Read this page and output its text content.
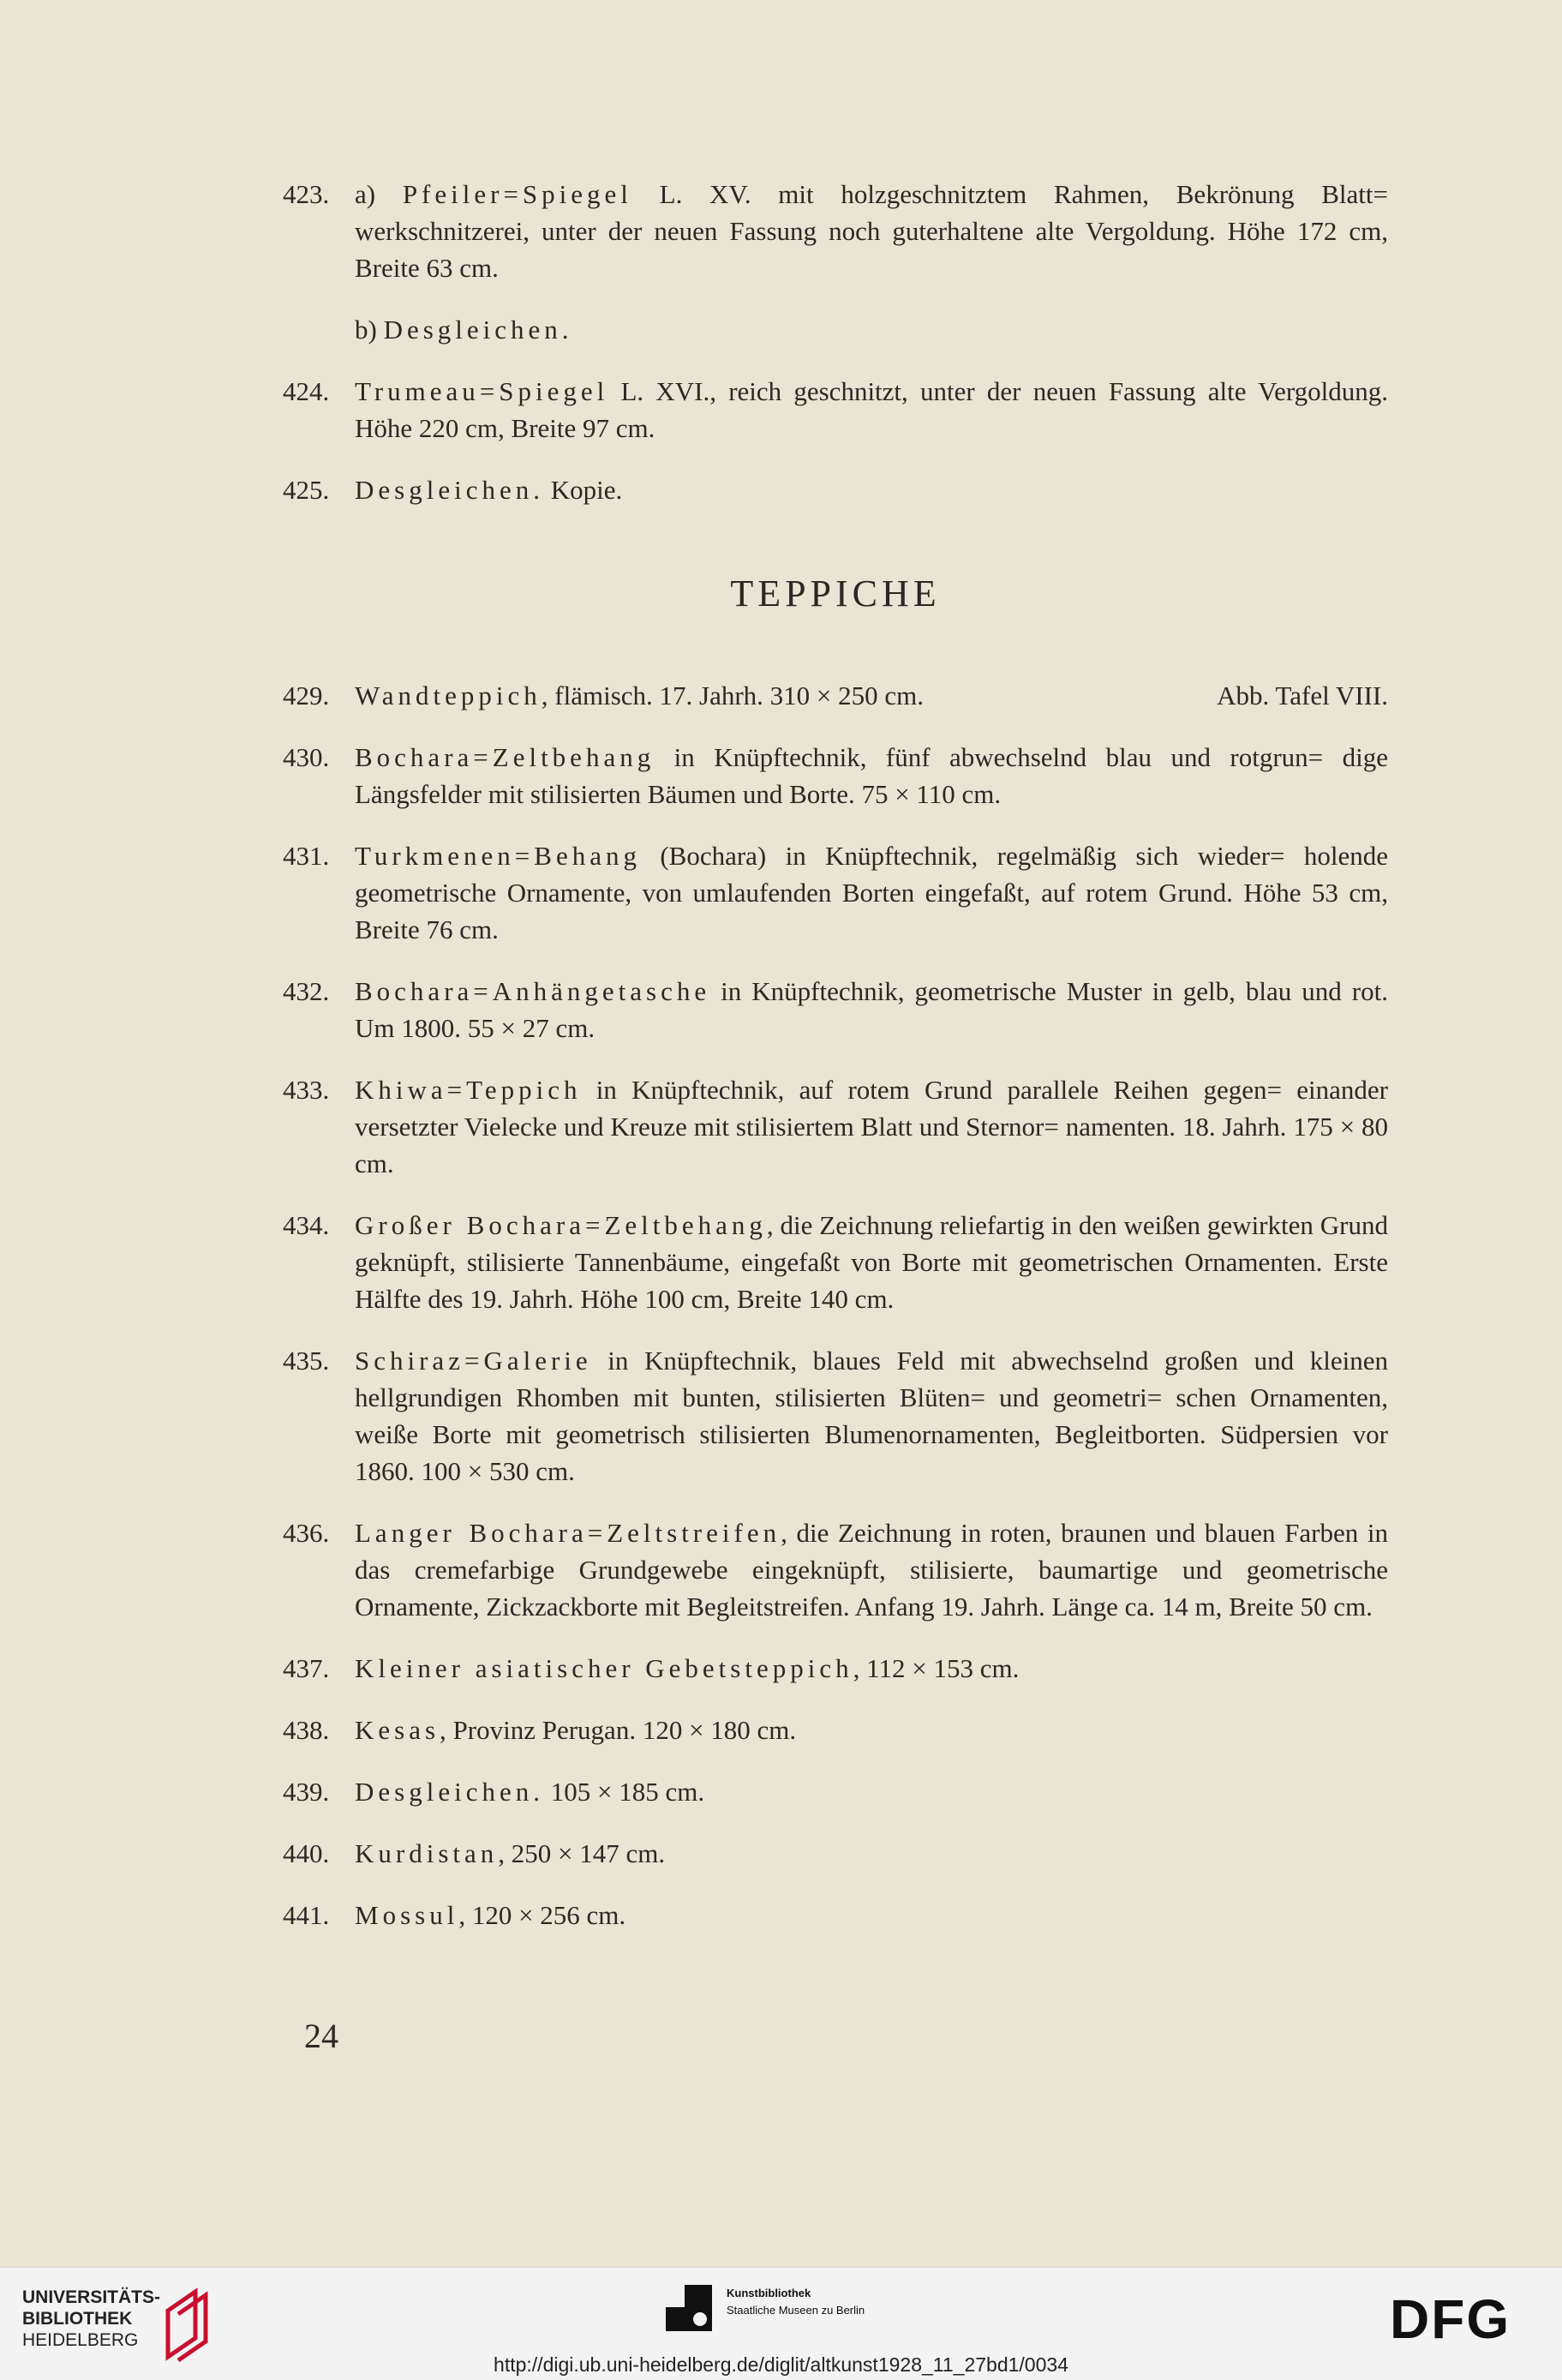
423. a) Pfeiler=Spiegel L. XV. mit holzgeschnitztem Rahmen, Bekrönung Blatt= werkschnitzerei, unter der neuen Fassung noch guterhaltene alte Vergoldung. Höhe 172 cm, Breite 63 cm.
b) Desgleichen.
424. Trumeau=Spiegel L. XVI., reich geschnitzt, unter der neuen Fassung alte Vergoldung. Höhe 220 cm, Breite 97 cm.
425. Desgleichen. Kopie.
TEPPICHE
429.	Abb. Tafel VIII.
Wandteppich, flämisch. 17. Jahrh. 310 × 250 cm.
430. Bochara=Zeltbehang in Knüpftechnik, fünf abwechselnd blau und rotgrun= dige Längsfelder mit stilisierten Bäumen und Borte. 75 × 110 cm.
431. Turkmenen=Behang (Bochara) in Knüpftechnik, regelmäßig sich wieder= holende geometrische Ornamente, von umlaufenden Borten eingefaßt, auf rotem Grund. Höhe 53 cm, Breite 76 cm.
432. Bochara=Anhängetasche in Knüpftechnik, geometrische Muster in gelb, blau und rot. Um 1800. 55 × 27 cm.
433. Khiwa=Teppich in Knüpftechnik, auf rotem Grund parallele Reihen gegen= einander versetzter Vielecke und Kreuze mit stilisiertem Blatt und Sternor= namenten. 18. Jahrh. 175 × 80 cm.
434. Großer Bochara=Zeltbehang, die Zeichnung reliefartig in den weißen gewirkten Grund geknüpft, stilisierte Tannenbäume, eingefaßt von Borte mit geometrischen Ornamenten. Erste Hälfte des 19. Jahrh. Höhe 100 cm, Breite 140 cm.
435. Schiraz=Galerie in Knüpftechnik, blaues Feld mit abwechselnd großen und kleinen hellgrundigen Rhomben mit bunten, stilisierten Blüten= und geometri= schen Ornamenten, weiße Borte mit geometrisch stilisierten Blumenornamenten, Begleitborten. Südpersien vor 1860. 100 × 530 cm.
436. Langer Bochara=Zeltstreifen, die Zeichnung in roten, braunen und blauen Farben in das cremefarbige Grundgewebe eingeknüpft, stilisierte, baumartige und geometrische Ornamente, Zickzackborte mit Begleitstreifen. Anfang 19. Jahrh. Länge ca. 14 m, Breite 50 cm.
437. Kleiner asiatischer Gebetsteppich, 112 × 153 cm.
438. Kesas, Provinz Perugan. 120 × 180 cm.
439. Desgleichen. 105 × 185 cm.
440. Kurdistan, 250 × 147 cm.
441. Mossul, 120 × 256 cm.
24
UNIVERSITÄTS-
BIBLIOTHEK
HEIDELBERG
Kunstbibliothek
Staatliche Museen zu Berlin	DFG
http://digi.ub.uni-heidelberg.de/diglit/altkunst1928_11_27bd1/0034
